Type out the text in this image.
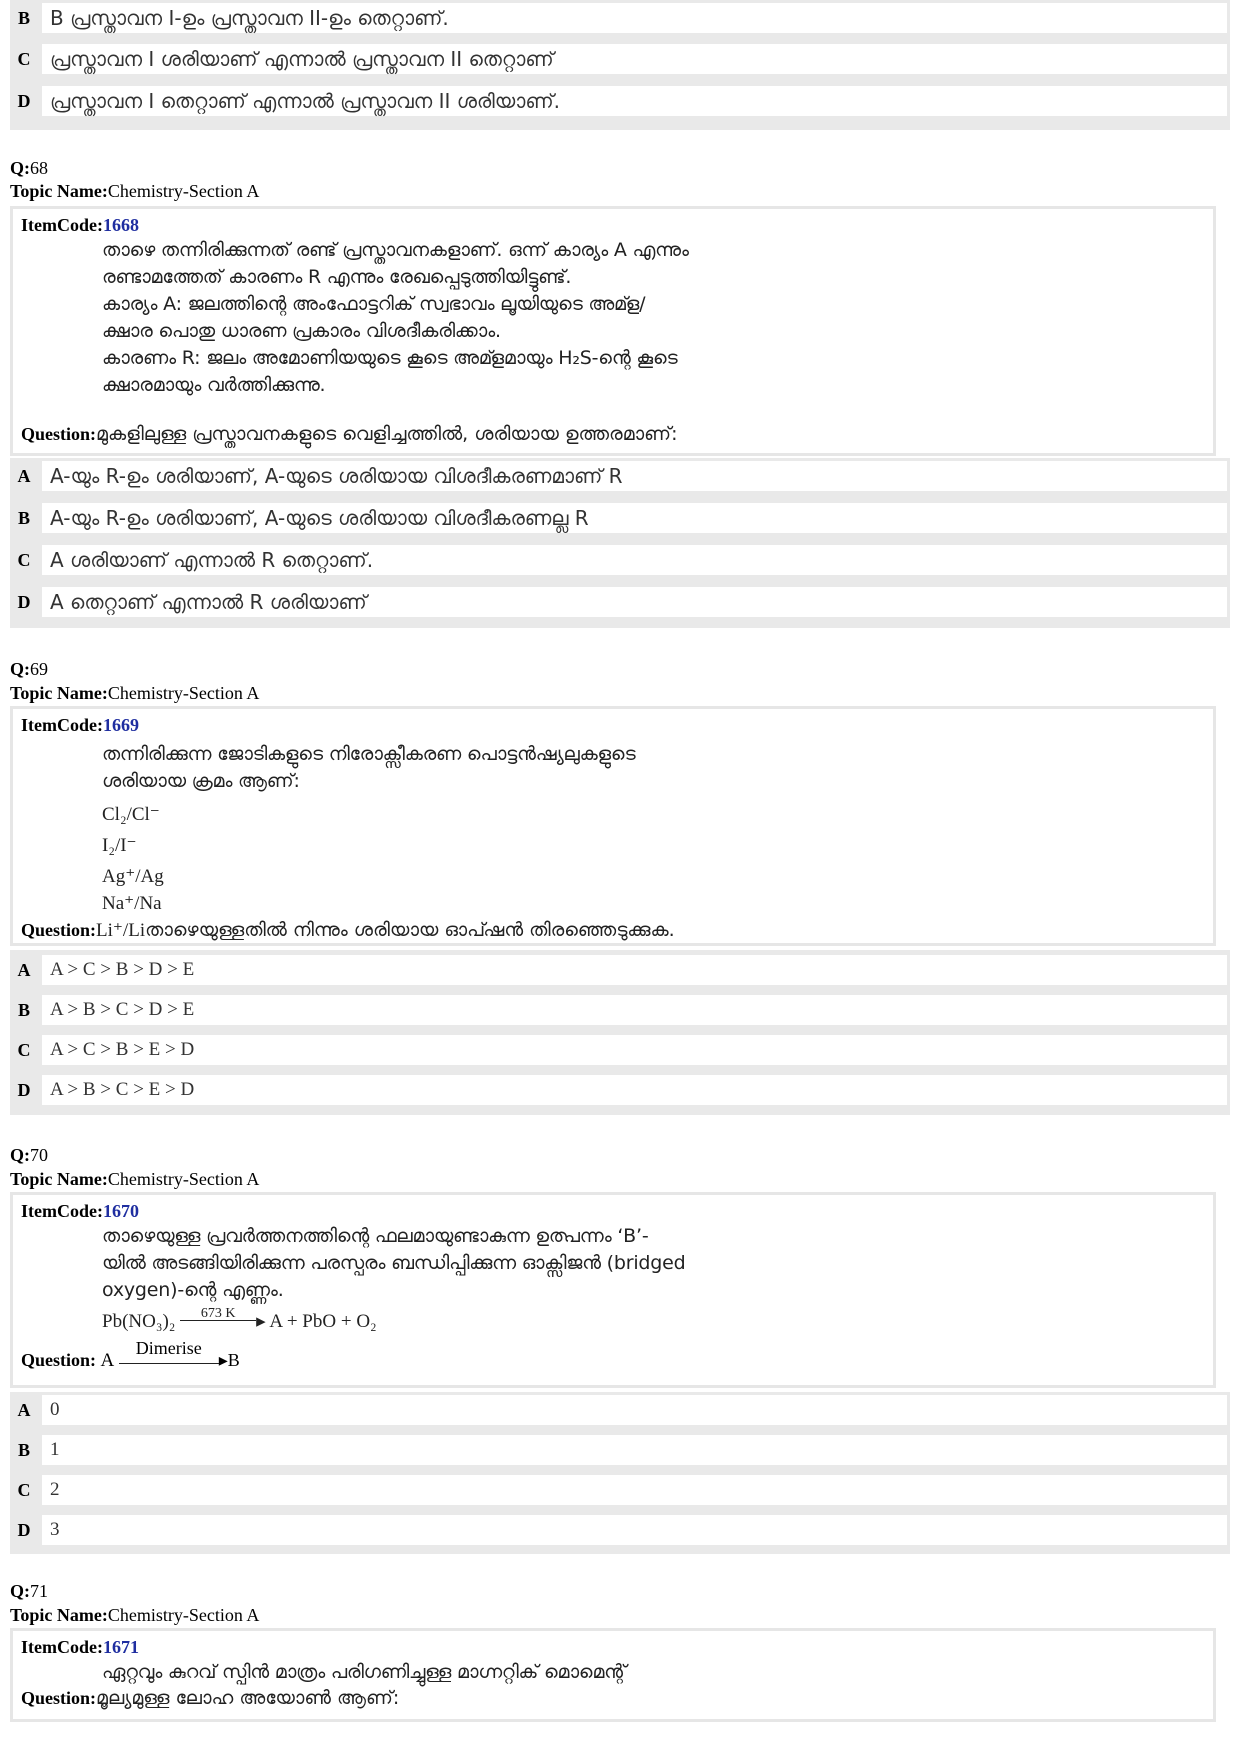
B	B പ്രസ്താവന I-ഉം പ്രസ്താവന II-ഉം തെറ്റാണ്.
C പ്രസ്താവന I ശരിയാണ് എന്നാൽ പ്രസ്താവന II തെറ്റാണ്
D പ്രസ്താവന I തെറ്റാണ് എന്നാൽ പ്രസ്താവന II ശരിയാണ്.
Q:68
Topic Name:Chemistry-Section A
ItemCode:1668
താഴെ തന്നിരിക്കുന്നത് രണ്ട് പ്രസ്താവനകളാണ്. ഒന്ന് കാര്യം A എന്നും
രണ്ടാമത്തേത് കാരണം R എന്നും രേഖപ്പെടുത്തിയിട്ടുണ്ട്.
കാര്യം A: ജലത്തിന്റെ അംഫോട്ടറിക് സ്വഭാവം ലൂയിയുടെ അമ്ള/
ക്ഷാര പൊതു ധാരണ പ്രകാരം വിശദീകരിക്കാം.
കാരണം R: ജലം അമോണിയയുടെ കൂടെ അമ്ളമായും H₂S-ന്റെ കൂടെ
ക്ഷാരമായും വർത്തിക്കുന്നു.
Question:മുകളിലുള്ള പ്രസ്താവനകളുടെ വെളിച്ചത്തിൽ, ശരിയായ ഉത്തരമാണ്:
A A-യും R-ഉം ശരിയാണ്, A-യുടെ ശരിയായ വിശദീകരണമാണ് R
B	A-യും R-ഉം ശരിയാണ്, A-യുടെ ശരിയായ വിശദീകരണല്ല R
C A ശരിയാണ് എന്നാൽ R തെറ്റാണ്.
D A തെറ്റാണ് എന്നാൽ R ശരിയാണ്
Q:69
Topic Name:Chemistry-Section A
ItemCode:1669
തന്നിരിക്കുന്ന ജോടികളുടെ നിരോക്സീകരണ പൊട്ടൻഷ്യലുകളുടെ
ശരിയായ ക്രമം ആണ്:
Cl₂/Cl⁻
I₂/I⁻
Ag⁺/Ag
Na⁺/Na
Question:Li⁺/Liതാഴെയുള്ളതിൽ നിന്നും ശരിയായ ഓപ്ഷൻ തിരഞ്ഞെടുക്കുക.
A	A > C > B > D > E
B	A > B > C > D > E
C	A > C > B > E > D
D	A > B > C > E > D
Q:70
Topic Name:Chemistry-Section A
ItemCode:1670
താഴെയുള്ള പ്രവർത്തനത്തിന്റെ ഫലമായുണ്ടാകുന്ന ഉത്പന്നം ‘B’-
യിൽ അടങ്ങിയിരിക്കുന്ന പരസ്പരം ബന്ധിപ്പിക്കുന്ന ഓക്സിജൻ (bridged
oxygen)-ന്റെ എണ്ണം.
Pb(NO₃)₂	673 K	▸ A + PbO + O₂
Question: A
Dimerise
▸B
A	0
B	1
C	2
D	3
Q:71
Topic Name:Chemistry-Section A
ItemCode:1671
ഏറ്റവും കുറവ് സ്പിൻ മാത്രം പരിഗണിച്ചുള്ള മാഗ്നറ്റിക് മൊമെന്റ്
Question:മൂല്യമുള്ള ലോഹ അയോൺ ആണ്:
